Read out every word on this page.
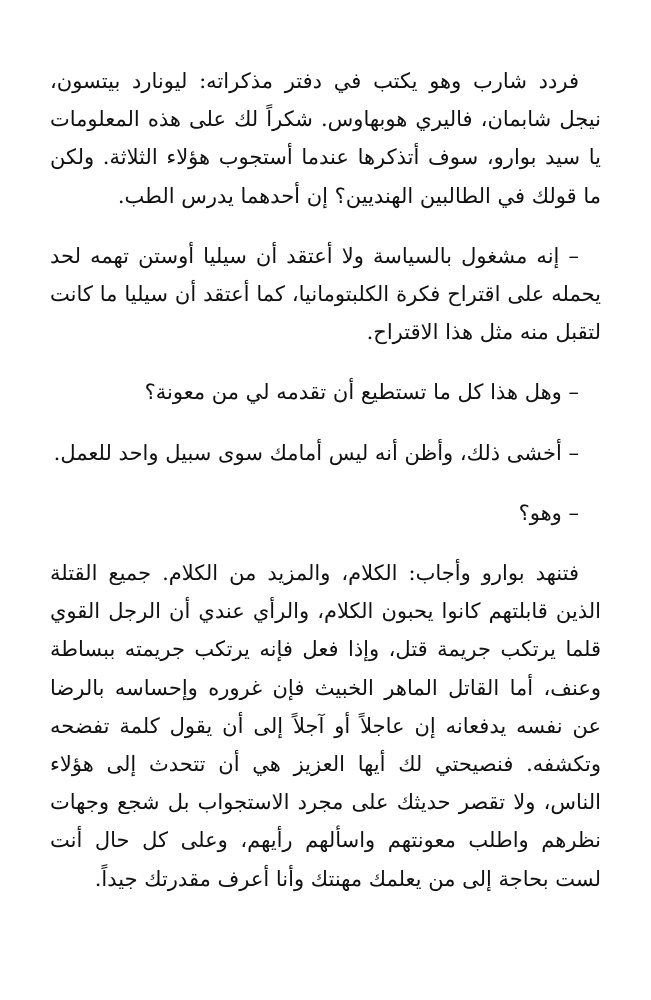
فردد شارب وهو يكتب في دفتر مذكراته: ليونارد بيتسون، نيجل شابمان، فاليري هوبهاوس. شكراً لك على هذه المعلومات يا سيد بوارو، سوف أتذكرها عندما أستجوب هؤلاء الثلاثة. ولكن ما قولك في الطالبين الهنديين؟ إن أحدهما يدرس الطب.

– إنه مشغول بالسياسة ولا أعتقد أن سيليا أوستن تهمه لحد يحمله على اقتراح فكرة الكلبتومانيا، كما أعتقد أن سيليا ما كانت لتقبل منه مثل هذا الاقتراح.

– وهل هذا كل ما تستطيع أن تقدمه لي من معونة؟

– أخشى ذلك، وأظن أنه ليس أمامك سوى سبيل واحد للعمل.

– وهو؟

فتنهد بوارو وأجاب: الكلام، والمزيد من الكلام. جميع القتلة الذين قابلتهم كانوا يحبون الكلام، والرأي عندي أن الرجل القوي قلما يرتكب جريمة قتل، وإذا فعل فإنه يرتكب جريمته ببساطة وعنف، أما القاتل الماهر الخبيث فإن غروره وإحساسه بالرضا عن نفسه يدفعانه إن عاجلاً أو آجلاً إلى أن يقول كلمة تفضحه وتكشفه. فنصيحتي لك أيها العزيز هي أن تتحدث إلى هؤلاء الناس، ولا تقصر حديثك على مجرد الاستجواب بل شجع وجهات نظرهم واطلب معونتهم واسألهم رأيهم، وعلى كل حال أنت لست بحاجة إلى من يعلمك مهنتك وأنا أعرف مقدرتك جيداً.
